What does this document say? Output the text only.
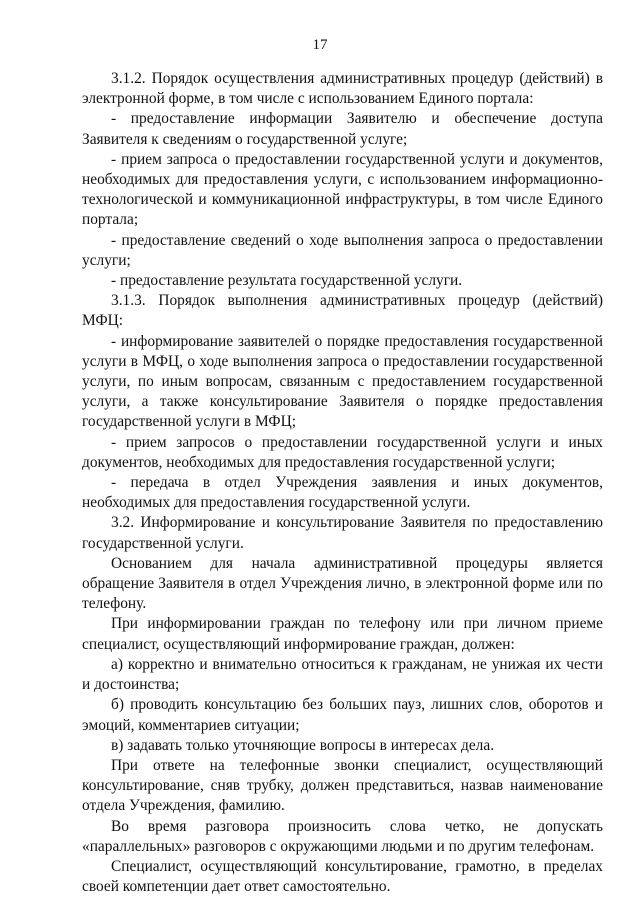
17

3.1.2. Порядок осуществления административных процедур (действий) в электронной форме, в том числе с использованием Единого портала:

- предоставление информации Заявителю и обеспечение доступа Заявителя к сведениям о государственной услуге;

- прием запроса о предоставлении государственной услуги и документов, необходимых для предоставления услуги, с использованием информационно-технологической и коммуникационной инфраструктуры, в том числе Единого портала;

- предоставление сведений о ходе выполнения запроса о предоставлении услуги;

- предоставление результата государственной услуги.

3.1.3. Порядок выполнения административных процедур (действий) МФЦ:

- информирование заявителей о порядке предоставления государственной услуги в МФЦ, о ходе выполнения запроса о предоставлении государственной услуги, по иным вопросам, связанным с предоставлением государственной услуги, а также консультирование Заявителя о порядке предоставления государственной услуги в МФЦ;

- прием запросов о предоставлении государственной услуги и иных документов, необходимых для предоставления государственной услуги;

- передача в отдел Учреждения заявления и иных документов, необходимых для предоставления государственной услуги.

3.2. Информирование и консультирование Заявителя по предоставлению государственной услуги.

Основанием для начала административной процедуры является обращение Заявителя в отдел Учреждения лично, в электронной форме или по телефону.

При информировании граждан по телефону или при личном приеме специалист, осуществляющий информирование граждан, должен:

а) корректно и внимательно относиться к гражданам, не унижая их чести и достоинства;

б) проводить консультацию без больших пауз, лишних слов, оборотов и эмоций, комментариев ситуации;

в) задавать только уточняющие вопросы в интересах дела.

При ответе на телефонные звонки специалист, осуществляющий консультирование, сняв трубку, должен представиться, назвав наименование отдела Учреждения, фамилию.

Во время разговора произносить слова четко, не допускать «параллельных» разговоров с окружающими людьми и по другим телефонам.

Специалист, осуществляющий консультирование, грамотно, в пределах своей компетенции дает ответ самостоятельно.
